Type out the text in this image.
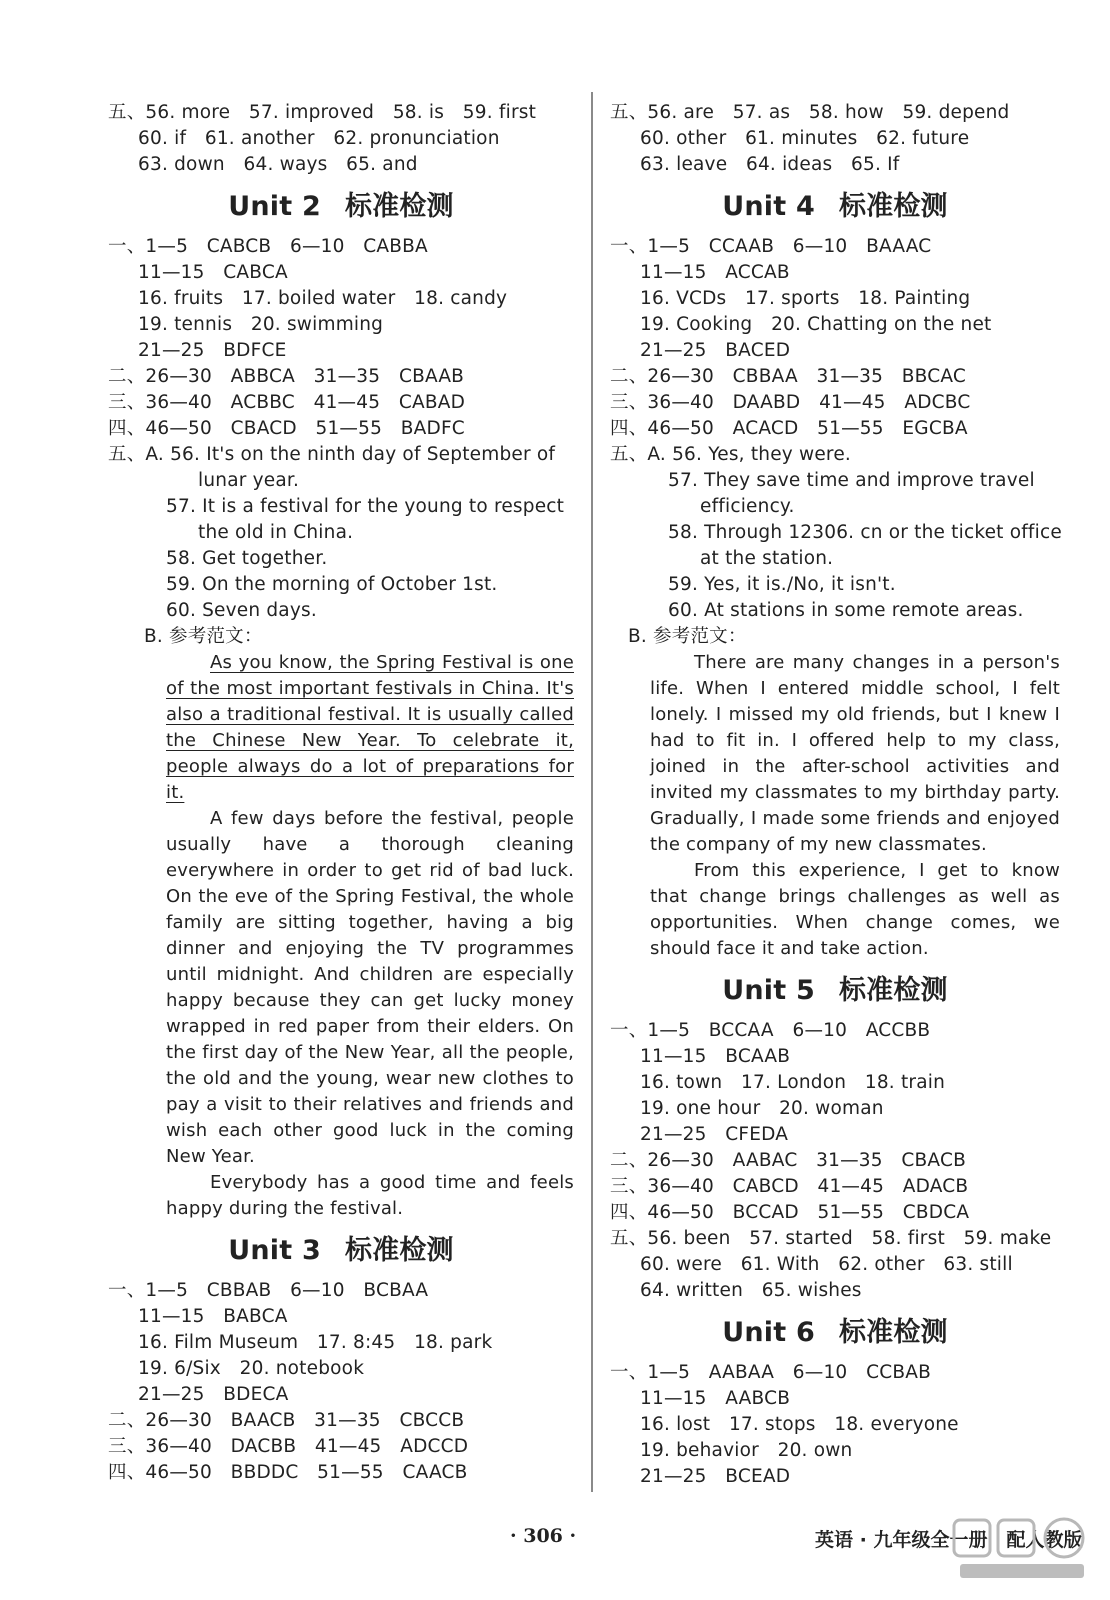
五、56. more　57. improved　58. is　59. first
60. if　61. another　62. pronunciation
63. down　64. ways　65. and
Unit 2 标准检测
一、1—5　CABCB　6—10　CABBA
11—15　CABCA
16. fruits　17. boiled water　18. candy
19. tennis　20. swimming
21—25　BDFCE
二、26—30　ABBCA　31—35　CBAAB
三、36—40　ACBBC　41—45　CABAD
四、46—50　CBACD　51—55　BADFC
五、A. 56. It's on the ninth day of September of
lunar year.
57. It is a festival for the young to respect
the old in China.
58. Get together.
59. On the morning of October 1st.
60. Seven days.
B. 参考范文：
As you know, the Spring Festival is one of the most important festivals in China. It's also a traditional festival. It is usually called the Chinese New Year. To celebrate it, people always do a lot of preparations for it.
A few days before the festival, people usually have a thorough cleaning everywhere in order to get rid of bad luck. On the eve of the Spring Festival, the whole family are sitting together, having a big dinner and enjoying the TV programmes until midnight. And children are especially happy because they can get lucky money wrapped in red paper from their elders. On the first day of the New Year, all the people, the old and the young, wear new clothes to pay a visit to their relatives and friends and wish each other good luck in the coming New Year.
Everybody has a good time and feels happy during the festival.
Unit 3 标准检测
一、1—5　CBBAB　6—10　BCBAA
11—15　BABCA
16. Film Museum　17. 8:45　18. park
19. 6/Six　20. notebook
21—25　BDECA
二、26—30　BAACB　31—35　CBCCB
三、36—40　DACBB　41—45　ADCCD
四、46—50　BBDDC　51—55　CAACB
五、56. are　57. as　58. how　59. depend
60. other　61. minutes　62. future
63. leave　64. ideas　65. If
Unit 4 标准检测
一、1—5　CCAAB　6—10　BAAAC
11—15　ACCAB
16. VCDs　17. sports　18. Painting
19. Cooking　20. Chatting on the net
21—25　BACED
二、26—30　CBBAA　31—35　BBCAC
三、36—40　DAABD　41—45　ADCBC
四、46—50　ACACD　51—55　EGCBA
五、A. 56. Yes, they were.
57. They save time and improve travel
efficiency.
58. Through 12306. cn or the ticket office
at the station.
59. Yes, it is./No, it isn't.
60. At stations in some remote areas.
B. 参考范文：
There are many changes in a person's life. When I entered middle school, I felt lonely. I missed my old friends, but I knew I had to fit in. I offered help to my class, joined in the after-school activities and invited my classmates to my birthday party. Gradually, I made some friends and enjoyed the company of my new classmates.
From this experience, I get to know that change brings challenges as well as opportunities. When change comes, we should face it and take action.
Unit 5 标准检测
一、1—5　BCCAA　6—10　ACCBB
11—15　BCAAB
16. town　17. London　18. train
19. one hour　20. woman
21—25　CFEDA
二、26—30　AABAC　31—35　CBACB
三、36—40　CABCD　41—45　ADACB
四、46—50　BCCAD　51—55　CBDCA
五、56. been　57. started　58. first　59. make
60. were　61. With　62. other　63. still
64. written　65. wishes
Unit 6 标准检测
一、1—5　AABAA　6—10　CCBAB
11—15　AABCB
16. lost　17. stops　18. everyone
19. behavior　20. own
21—25　BCEAD
· 306 ·	英语 · 九年级全一册　配人教版
